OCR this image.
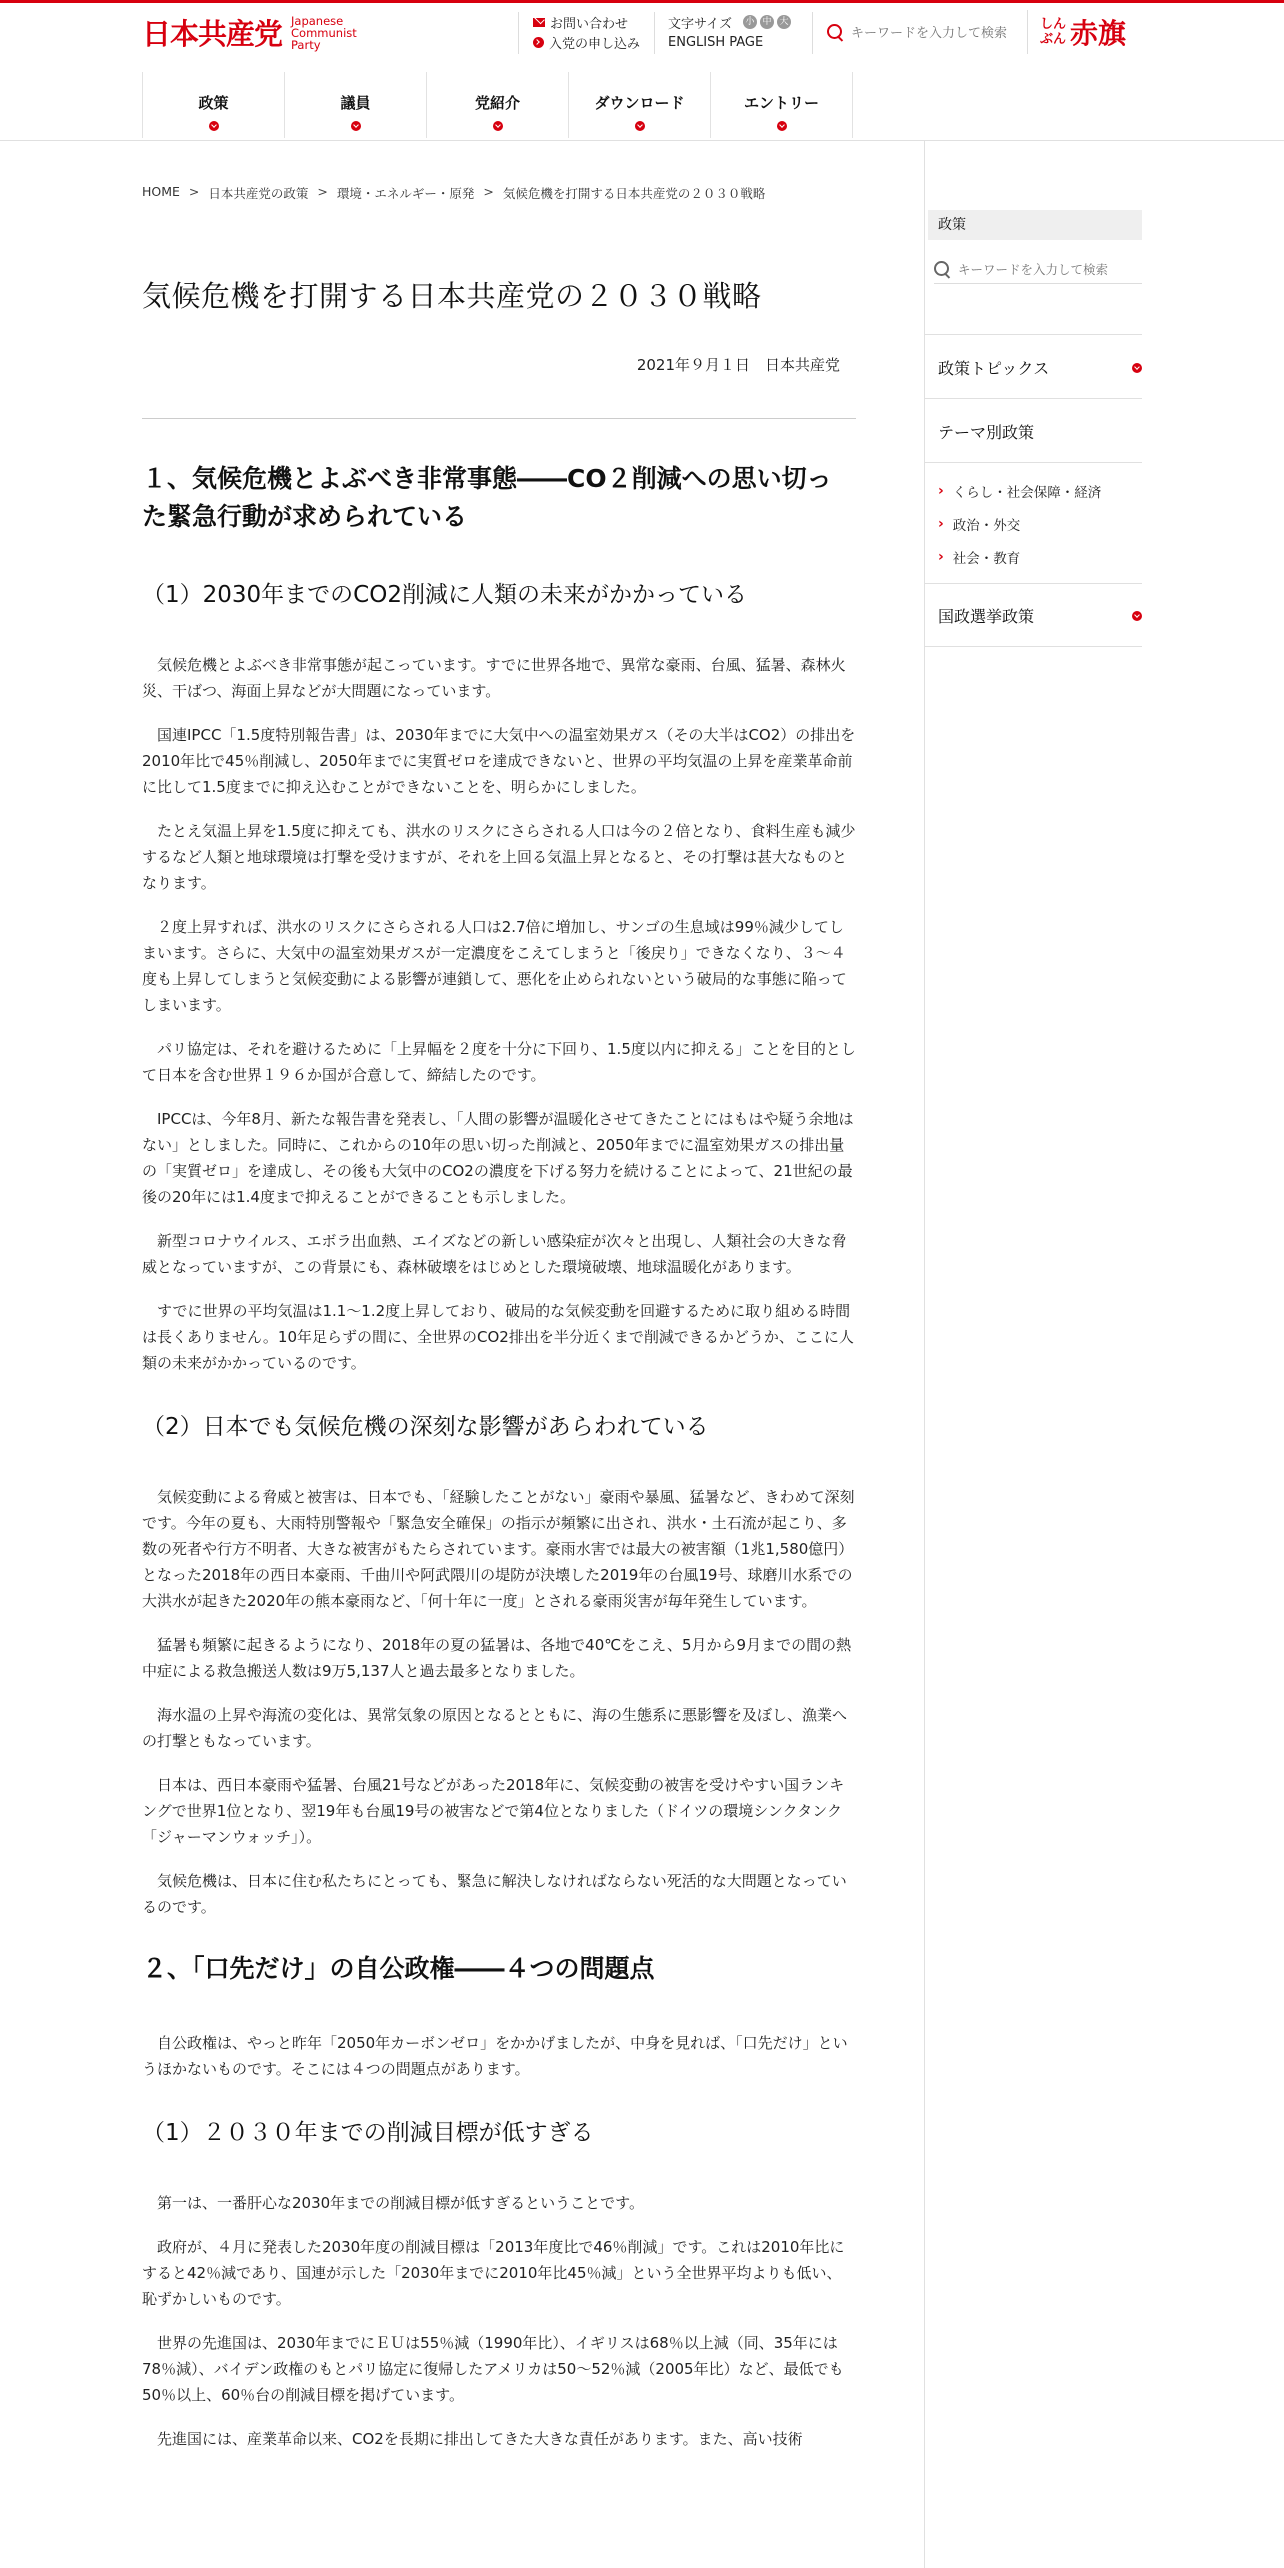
日本共産党 Japanese
Communist
Party
お問い合わせ
入党の申し込み
文字サイズ 小 中 大
ENGLISH PAGE
キーワードを入力して検索
しん
ぶん 赤旗
政策	議員	党紹介	ダウンロード	エントリー
HOME > 日本共産党の政策 > 環境・エネルギー・原発 > 気候危機を打開する日本共産党の２０３０戦略
気候危機を打開する日本共産党の２０３０戦略
2021年９月１日　日本共産党
１、気候危機とよぶべき非常事態――CO２削減への思い切った緊急行動が求められている
（1）2030年までのCO2削減に人類の未来がかかっている

気候危機とよぶべき非常事態が起こっています。すでに世界各地で、異常な豪雨、台風、猛暑、森林火災、干ばつ、海面上昇などが大問題になっています。

国連IPCC「1.5度特別報告書」は、2030年までに大気中への温室効果ガス（その大半はCO2）の排出を2010年比で45％削減し、2050年までに実質ゼロを達成できないと、世界の平均気温の上昇を産業革命前に比して1.5度までに抑え込むことができないことを、明らかにしました。

たとえ気温上昇を1.5度に抑えても、洪水のリスクにさらされる人口は今の２倍となり、食料生産も減少するなど人類と地球環境は打撃を受けますが、それを上回る気温上昇となると、その打撃は甚大なものとなります。

２度上昇すれば、洪水のリスクにさらされる人口は2.7倍に増加し、サンゴの生息域は99％減少してしまいます。さらに、大気中の温室効果ガスが一定濃度をこえてしまうと「後戻り」できなくなり、３～４度も上昇してしまうと気候変動による影響が連鎖して、悪化を止められないという破局的な事態に陥ってしまいます。

パリ協定は、それを避けるために「上昇幅を２度を十分に下回り、1.5度以内に抑える」ことを目的として日本を含む世界１９６か国が合意して、締結したのです。

IPCCは、今年8月、新たな報告書を発表し、「人間の影響が温暖化させてきたことにはもはや疑う余地はない」としました。同時に、これからの10年の思い切った削減と、2050年までに温室効果ガスの排出量の「実質ゼロ」を達成し、その後も大気中のCO2の濃度を下げる努力を続けることによって、21世紀の最後の20年には1.4度まで抑えることができることも示しました。

新型コロナウイルス、エボラ出血熱、エイズなどの新しい感染症が次々と出現し、人類社会の大きな脅威となっていますが、この背景にも、森林破壊をはじめとした環境破壊、地球温暖化があります。

すでに世界の平均気温は1.1～1.2度上昇しており、破局的な気候変動を回避するために取り組める時間は長くありません。10年足らずの間に、全世界のCO2排出を半分近くまで削減できるかどうか、ここに人類の未来がかかっているのです。

（2）日本でも気候危機の深刻な影響があらわれている

気候変動による脅威と被害は、日本でも、「経験したことがない」豪雨や暴風、猛暑など、きわめて深刻です。今年の夏も、大雨特別警報や「緊急安全確保」の指示が頻繁に出され、洪水・土石流が起こり、多数の死者や行方不明者、大きな被害がもたらされています。豪雨水害では最大の被害額（1兆1,580億円）となった2018年の西日本豪雨、千曲川や阿武隈川の堤防が決壊した2019年の台風19号、球磨川水系での大洪水が起きた2020年の熊本豪雨など、「何十年に一度」とされる豪雨災害が毎年発生しています。

猛暑も頻繁に起きるようになり、2018年の夏の猛暑は、各地で40℃をこえ、5月から9月までの間の熱中症による救急搬送人数は9万5,137人と過去最多となりました。

海水温の上昇や海流の変化は、異常気象の原因となるとともに、海の生態系に悪影響を及ぼし、漁業への打撃ともなっています。

日本は、西日本豪雨や猛暑、台風21号などがあった2018年に、気候変動の被害を受けやすい国ランキングで世界1位となり、翌19年も台風19号の被害などで第4位となりました（ドイツの環境シンクタンク「ジャーマンウォッチ」）。

気候危機は、日本に住む私たちにとっても、緊急に解決しなければならない死活的な大問題となっているのです。

２、「口先だけ」の自公政権――４つの問題点

自公政権は、やっと昨年「2050年カーボンゼロ」をかかげましたが、中身を見れば、「口先だけ」というほかないものです。そこには４つの問題点があります。

（1）２０３０年までの削減目標が低すぎる

第一は、一番肝心な2030年までの削減目標が低すぎるということです。

政府が、４月に発表した2030年度の削減目標は「2013年度比で46％削減」です。これは2010年比にすると42％減であり、国連が示した「2030年までに2010年比45％減」という全世界平均よりも低い、恥ずかしいものです。

世界の先進国は、2030年までにＥＵは55％減（1990年比）、イギリスは68％以上減（同、35年には78％減）、バイデン政権のもとパリ協定に復帰したアメリカは50～52％減（2005年比）など、最低でも50％以上、60％台の削減目標を掲げています。

先進国には、産業革命以来、CO2を長期に排出してきた大きな責任があります。また、高い技術

政策
キーワードを入力して検索
政策トピックス
テーマ別政策
› くらし・社会保障・経済
› 政治・外交
› 社会・教育
国政選挙政策
